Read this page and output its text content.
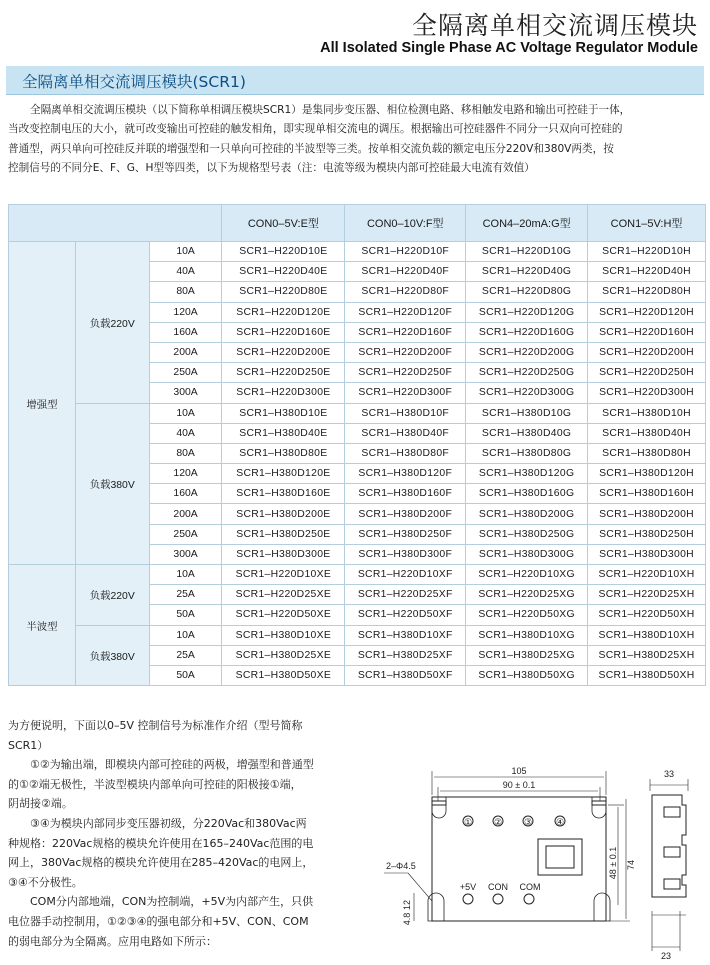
全隔离单相交流调压模块
All Isolated Single Phase AC Voltage Regulator Module
全隔离单相交流调压模块(SCR1)

全隔离单相交流调压模块（以下简称单相调压模块SCR1）是集同步变压器、相位检测电路、移相触发电路和输出可控硅于一体，

当改变控制电压的大小，就可改变输出可控硅的触发相角，即实现单相交流电的调压。根据输出可控硅器件不同分一只双向可控硅的
普通型，两只单向可控硅反并联的增强型和一只单向可控硅的半波型等三类。按单相交流负载的额定电压分220V和380V两类，按
控制信号的不同分E、F、G、H型等四类，以下为规格型号表（注：电流等级为模块内部可控硅最大电流有效值）
			CON0–5V:E型	CON0–10V:F型	CON4–20mA:G型	CON1–5V:H型
增强型	负载220V	10A	SCR1–H220D10E	SCR1–H220D10F	SCR1–H220D10G	SCR1–H220D10H
		40A	SCR1–H220D40E	SCR1–H220D40F	SCR1–H220D40G	SCR1–H220D40H
		80A	SCR1–H220D80E	SCR1–H220D80F	SCR1–H220D80G	SCR1–H220D80H
		120A	SCR1–H220D120E	SCR1–H220D120F	SCR1–H220D120G	SCR1–H220D120H
		160A	SCR1–H220D160E	SCR1–H220D160F	SCR1–H220D160G	SCR1–H220D160H
		200A	SCR1–H220D200E	SCR1–H220D200F	SCR1–H220D200G	SCR1–H220D200H
		250A	SCR1–H220D250E	SCR1–H220D250F	SCR1–H220D250G	SCR1–H220D250H
		300A	SCR1–H220D300E	SCR1–H220D300F	SCR1–H220D300G	SCR1–H220D300H
	负载380V	10A	SCR1–H380D10E	SCR1–H380D10F	SCR1–H380D10G	SCR1–H380D10H
		40A	SCR1–H380D40E	SCR1–H380D40F	SCR1–H380D40G	SCR1–H380D40H
		80A	SCR1–H380D80E	SCR1–H380D80F	SCR1–H380D80G	SCR1–H380D80H
		120A	SCR1–H380D120E	SCR1–H380D120F	SCR1–H380D120G	SCR1–H380D120H
		160A	SCR1–H380D160E	SCR1–H380D160F	SCR1–H380D160G	SCR1–H380D160H
		200A	SCR1–H380D200E	SCR1–H380D200F	SCR1–H380D200G	SCR1–H380D200H
		250A	SCR1–H380D250E	SCR1–H380D250F	SCR1–H380D250G	SCR1–H380D250H
		300A	SCR1–H380D300E	SCR1–H380D300F	SCR1–H380D300G	SCR1–H380D300H
半波型	负载220V	10A	SCR1–H220D10XE	SCR1–H220D10XF	SCR1–H220D10XG	SCR1–H220D10XH
		25A	SCR1–H220D25XE	SCR1–H220D25XF	SCR1–H220D25XG	SCR1–H220D25XH
		50A	SCR1–H220D50XE	SCR1–H220D50XF	SCR1–H220D50XG	SCR1–H220D50XH
	负载380V	10A	SCR1–H380D10XE	SCR1–H380D10XF	SCR1–H380D10XG	SCR1–H380D10XH
		25A	SCR1–H380D25XE	SCR1–H380D25XF	SCR1–H380D25XG	SCR1–H380D25XH
		50A	SCR1–H380D50XE	SCR1–H380D50XF	SCR1–H380D50XG	SCR1–H380D50XH

为方便说明，下面以0–5V 控制信号为标准作介绍（型号简称

SCR1）

①②为输出端，即模块内部可控硅的两极，增强型和普通型

的①②端无极性，半波型模块内部单向可控硅的阳极接①端，

阴胡接②端。

③④为模块内部同步变压器初级，分220Vac和380Vac两

种规格：220Vac规格的模块允许使用在165–240Vac范围的电

网上，380Vac规格的模块允许使用在285–420Vac的电网上，

③④不分极性。

COM分内部地端，CON为控制端，+5V为内部产生，只供

电位器手动控制用，①②③④的强电部分和+5V、CON、COM

的弱电部分为全隔离。应用电路如下所示：

105
90 ± 0.1
① ② ③	④
+5V CON COM
2–Φ4.5	48 ± 0.1 74
12
4.8
33
23
